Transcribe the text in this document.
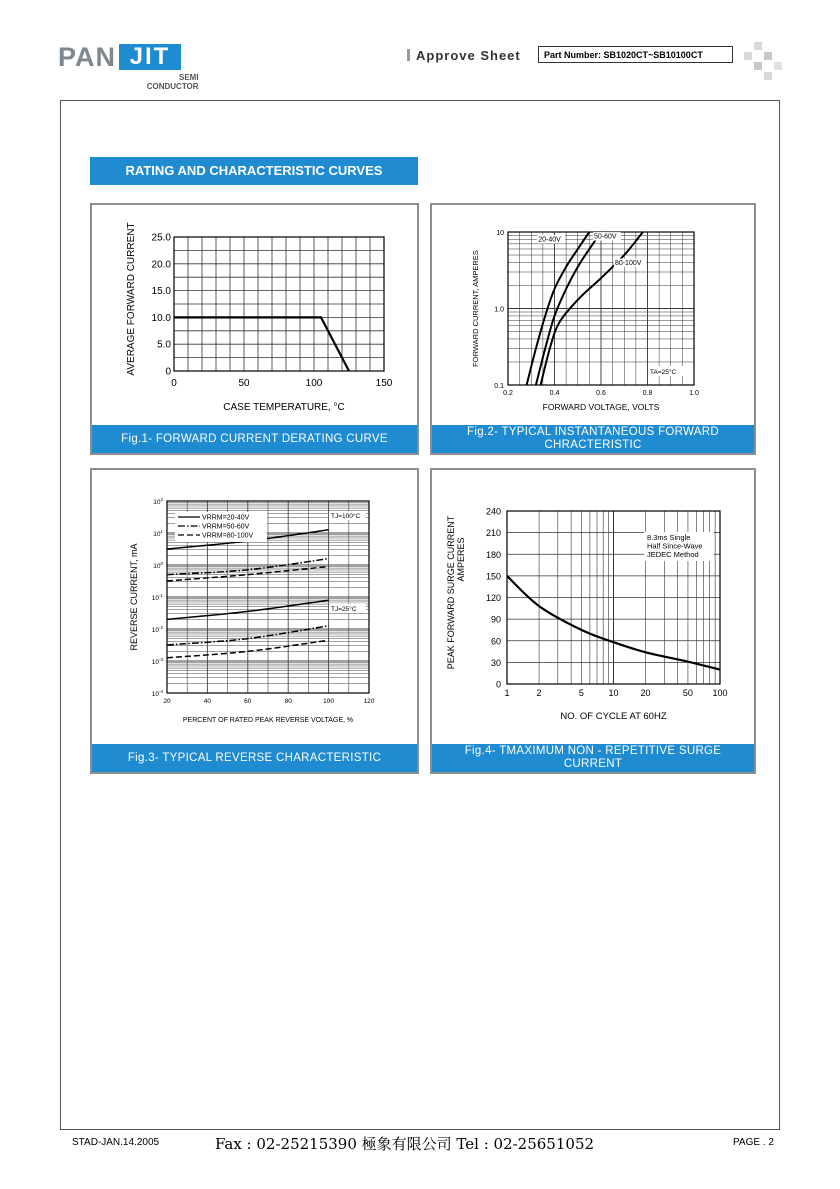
PAN JIT
SEMI
CONDUCTOR
Approve Sheet	Part Number: SB1020CT~SB10100CT
RATING AND CHARACTERISTIC CURVES
0
5.0
10.0
15.0
20.0
25.0
0	50	100	150
CASE TEMPERATURE, °C
AVERAGE FORWARD CURRENT
Fig.1- FORWARD CURRENT DERATING CURVE
0.1
1.0
10
0.2	0.4	0.6	0.8	1.0
FORWARD VOLTAGE, VOLTS
FORWARD CURRENT, AMPERES
20-40V	50-60V
80-100V
TA=25°C
Fig.2- TYPICAL INSTANTANEOUS FORWARD CHRACTERISTIC
$10^2$
$10^1$
$10^0$
$10^{-1}$
$10^{-2}$
$10^{-3}$
$10^{-4}$
20	40	60	80	100	120
PERCENT OF RATED PEAK REVERSE VOLTAGE, %
REVERSE CURRENT, mA
VRRM=20-40V
VRRM=50-60V
VRRM=80-100V
TJ=100°C
TJ=25°C
Fig.3- TYPICAL REVERSE CHARACTERISTIC
0
30
60
90
120
150
180
210
240
1	2	5	10 20	50 100
NO. OF CYCLE AT 60HZ
PEAK FORWARD SURGE CURRENT AMPERES	8.3ms Single
Half Since-Wave
JEDEC Method
Fig.4- TMAXIMUM NON - REPETITIVE SURGE CURRENT
STAD-JAN.14.2005	Fax : 02-25215390 極象有限公司 Tel : 02-25651052	PAGE . 2
